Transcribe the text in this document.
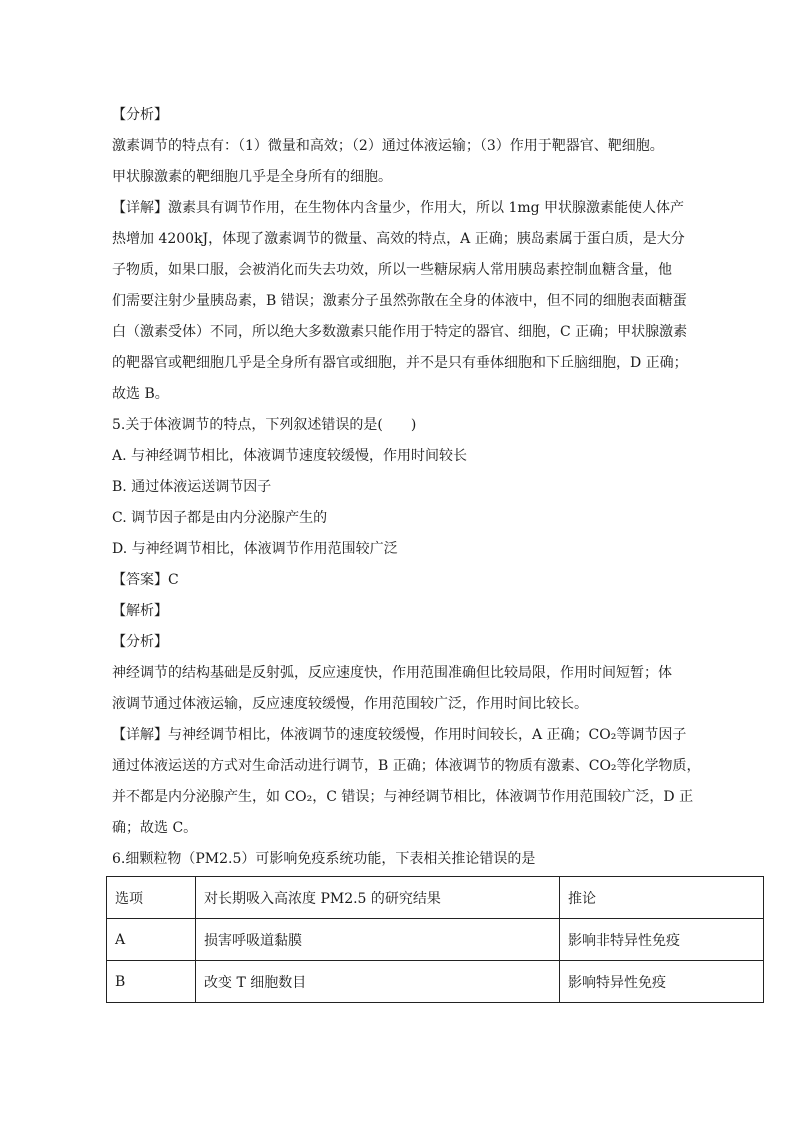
【分析】
激素调节的特点有：（1）微量和高效；（2）通过体液运输；（3）作用于靶器官、靶细胞。
甲状腺激素的靶细胞几乎是全身所有的细胞。
【详解】激素具有调节作用，在生物体内含量少，作用大，所以 1mg 甲状腺激素能使人体产
热增加 4200kJ，体现了激素调节的微量、高效的特点，A 正确；胰岛素属于蛋白质，是大分
子物质，如果口服，会被消化而失去功效，所以一些糖尿病人常用胰岛素控制血糖含量，他
们需要注射少量胰岛素，B 错误；激素分子虽然弥散在全身的体液中，但不同的细胞表面糖蛋
白（激素受体）不同，所以绝大多数激素只能作用于特定的器官、细胞，C 正确；甲状腺激素
的靶器官或靶细胞几乎是全身所有器官或细胞，并不是只有垂体细胞和下丘脑细胞，D 正确；
故选 B。
5.关于体液调节的特点，下列叙述错误的是(　　)
A. 与神经调节相比，体液调节速度较缓慢，作用时间较长
B. 通过体液运送调节因子
C. 调节因子都是由内分泌腺产生的
D. 与神经调节相比，体液调节作用范围较广泛
【答案】C
【解析】
【分析】
神经调节的结构基础是反射弧，反应速度快，作用范围准确但比较局限，作用时间短暂；体
液调节通过体液运输，反应速度较缓慢，作用范围较广泛，作用时间比较长。
【详解】与神经调节相比，体液调节的速度较缓慢，作用时间较长，A 正确；CO₂等调节因子
通过体液运送的方式对生命活动进行调节，B 正确；体液调节的物质有激素、CO₂等化学物质，
并不都是内分泌腺产生，如 CO₂，C 错误；与神经调节相比，体液调节作用范围较广泛，D 正
确；故选 C。
6.细颗粒物（PM2.5）可影响免疫系统功能，下表相关推论错误的是
选项	对长期吸入高浓度 PM2.5 的研究结果	推论
A	损害呼吸道黏膜	影响非特异性免疫
B	改变 T 细胞数目	影响特异性免疫
